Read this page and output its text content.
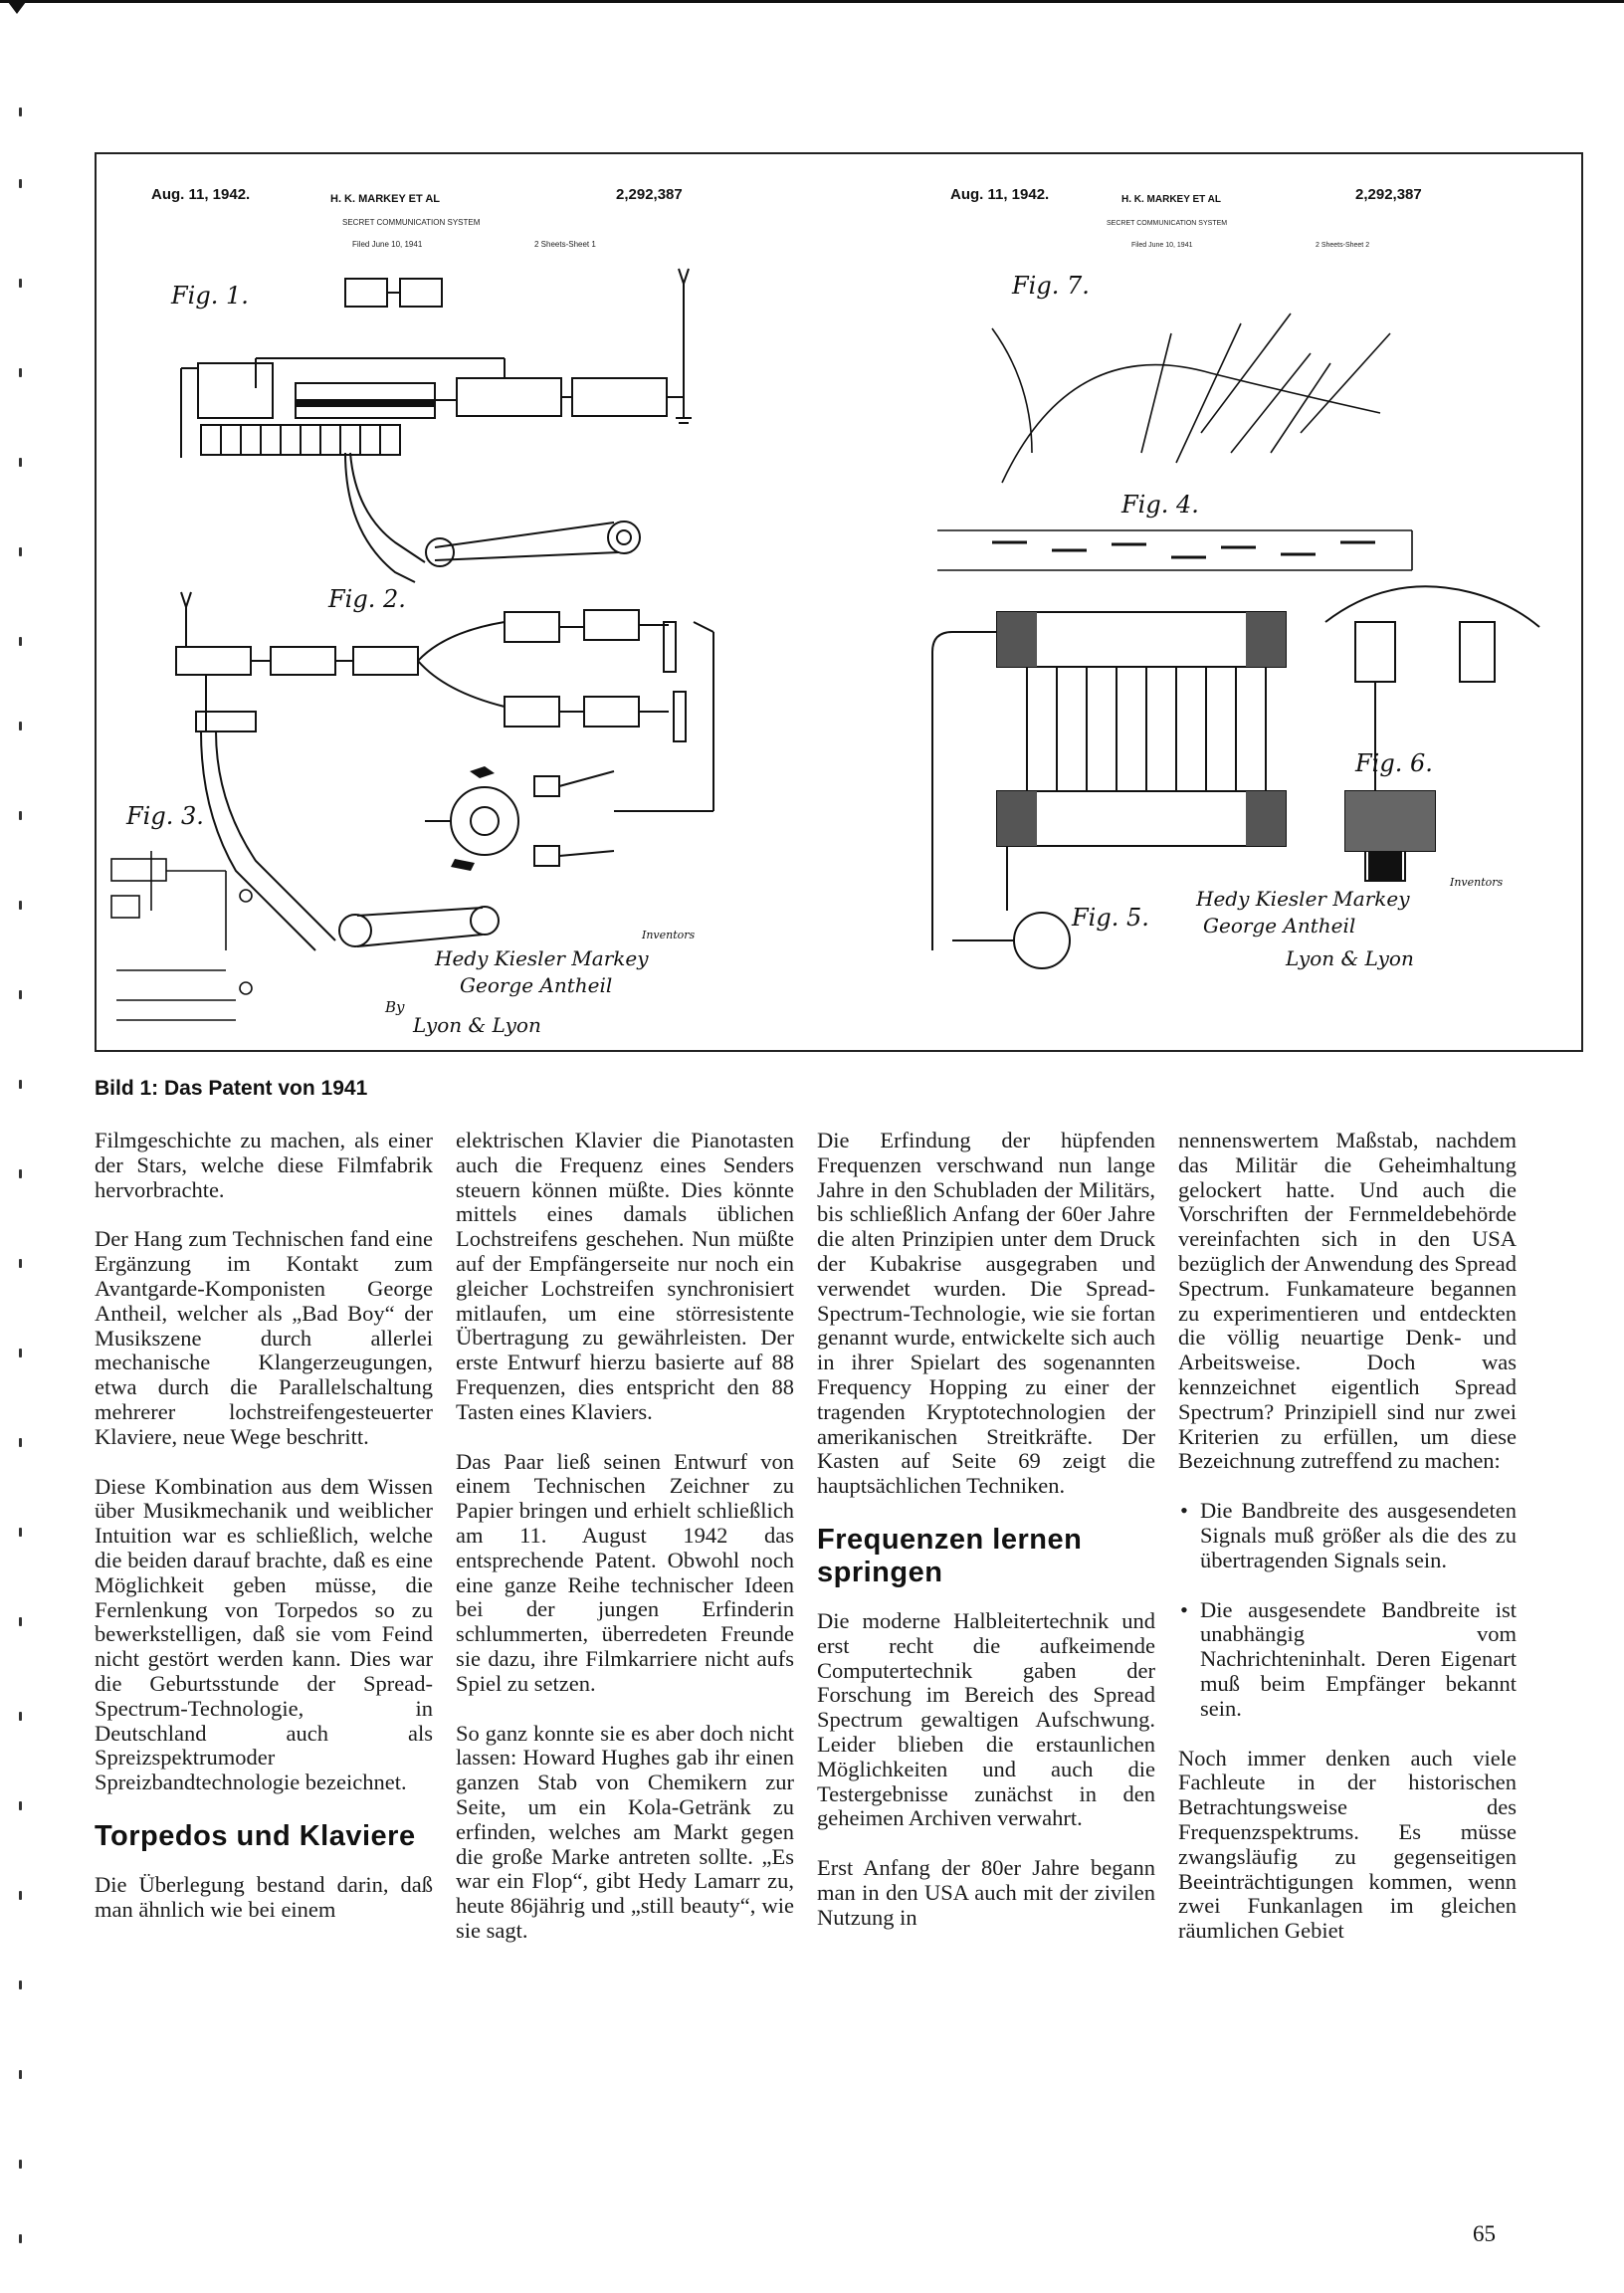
Aug. 11, 1942.	H. K. MARKEY ET AL	2,292,387
SECRET COMMUNICATION SYSTEM
Filed June 10, 1941	2 Sheets-Sheet 1
Fig. 1.
Fig. 2.
Fig. 3.
Hedy Kiesler Markey
George Antheil
Inventors
By
Lyon & Lyon
Aug. 11, 1942.	H. K. MARKEY ET AL	2,292,387
SECRET COMMUNICATION SYSTEM
Filed June 10, 1941	2 Sheets-Sheet 2
Fig. 7.
Fig. 4.
Fig. 5.
Fig. 6.
Hedy Kiesler Markey
George Antheil
Inventors
Lyon & Lyon
Bild 1: Das Patent von 1941

Filmgeschichte zu machen, als einer der Stars, welche diese Filmfabrik hervorbrachte.

Der Hang zum Technischen fand eine Ergänzung im Kontakt zum Avantgarde-Komponisten George Antheil, welcher als „Bad Boy“ der Musikszene durch allerlei mechanische Klangerzeugungen, etwa durch die Parallelschaltung mehrerer lochstreifengesteuerter Klaviere, neue Wege beschritt.

Diese Kombination aus dem Wissen über Musikmechanik und weiblicher Intuition war es schließlich, welche die beiden darauf brachte, daß es eine Möglichkeit geben müsse, die Fernlenkung von Torpedos so zu bewerkstelligen, daß sie vom Feind nicht gestört werden kann. Dies war die Geburtsstunde der Spread-Spectrum-Technologie, in Deutschland auch als Spreizspektrumoder Spreizbandtechnologie bezeichnet.

Torpedos und Klaviere

Die Überlegung bestand darin, daß man ähnlich wie bei einem

elektrischen Klavier die Pianotasten auch die Frequenz eines Senders steuern können müßte. Dies könnte mittels eines damals üblichen Lochstreifens geschehen. Nun müßte auf der Empfängerseite nur noch ein gleicher Lochstreifen synchronisiert mitlaufen, um eine störresistente Übertragung zu gewährleisten. Der erste Entwurf hierzu basierte auf 88 Frequenzen, dies entspricht den 88 Tasten eines Klaviers.

Das Paar ließ seinen Entwurf von einem Technischen Zeichner zu Papier bringen und erhielt schließlich am 11. August 1942 das entsprechende Patent. Obwohl noch eine ganze Reihe technischer Ideen bei der jungen Erfinderin schlummerten, überredeten Freunde sie dazu, ihre Filmkarriere nicht aufs Spiel zu setzen.

So ganz konnte sie es aber doch nicht lassen: Howard Hughes gab ihr einen ganzen Stab von Chemikern zur Seite, um ein Kola-Getränk zu erfinden, welches am Markt gegen die große Marke antreten sollte. „Es war ein Flop“, gibt Hedy Lamarr zu, heute 86jährig und „still beauty“, wie sie sagt.

Die Erfindung der hüpfenden Frequenzen verschwand nun lange Jahre in den Schubladen der Militärs, bis schließlich Anfang der 60er Jahre die alten Prinzipien unter dem Druck der Kubakrise ausgegraben und verwendet wurden. Die Spread-Spectrum-Technologie, wie sie fortan genannt wurde, entwickelte sich auch in ihrer Spielart des sogenannten Frequency Hopping zu einer der tragenden Kryptotechnologien der amerikanischen Streitkräfte. Der Kasten auf Seite 69 zeigt die hauptsächlichen Techniken.

Frequenzen lernen springen

Die moderne Halbleitertechnik und erst recht die aufkeimende Computertechnik gaben der Forschung im Bereich des Spread Spectrum gewaltigen Aufschwung. Leider blieben die erstaunlichen Möglichkeiten und auch die Testergebnisse zunächst in den geheimen Archiven verwahrt.

Erst Anfang der 80er Jahre begann man in den USA auch mit der zivilen Nutzung in

nennenswertem Maßstab, nachdem das Militär die Geheimhaltung gelockert hatte. Und auch die Vorschriften der Fernmeldebehörde vereinfachten sich in den USA bezüglich der Anwendung des Spread Spectrum. Funkamateure begannen zu experimentieren und entdeckten die völlig neuartige Denk- und Arbeitsweise. Doch was kennzeichnet eigentlich Spread Spectrum? Prinzipiell sind nur zwei Kriterien zu erfüllen, um diese Bezeichnung zutreffend zu machen:

• Die Bandbreite des ausgesendeten Signals muß größer als die des zu übertragenden Signals sein.
• Die ausgesendete Bandbreite ist unabhängig vom Nachrichteninhalt. Deren Eigenart muß beim Empfänger bekannt sein.

Noch immer denken auch viele Fachleute in der historischen Betrachtungsweise des Frequenzspektrums. Es müsse zwangsläufig zu gegenseitigen Beeinträchtigungen kommen, wenn zwei Funkanlagen im gleichen räumlichen Gebiet

65
